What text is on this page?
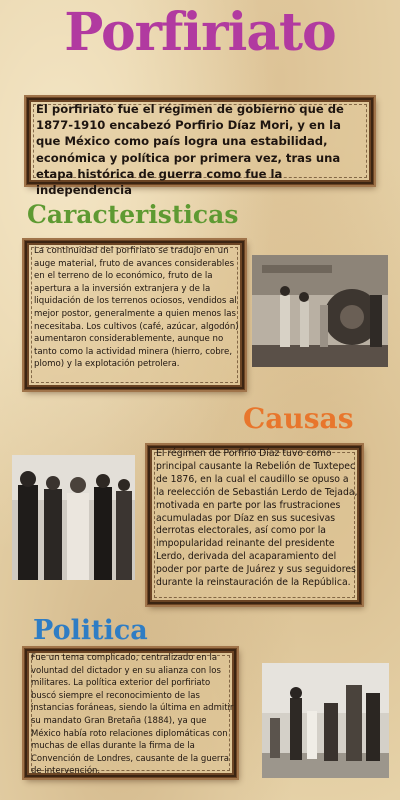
Porfiriato

El porfiriato fue el régimen de gobierno que de 1877-1910 encabezó Porfirio Díaz Mori, y en la que México como país logra una estabilidad, económica y política por primera vez, tras una etapa histórica de guerra como fue la independencia

Caracteristicas

La continuidad del porfiriato se tradujo en un auge material, fruto de avances considerables en el terreno de lo económico, fruto de la apertura a la inversión extranjera y de la liquidación de los terrenos ociosos, vendidos al mejor postor, generalmente a quien menos las necesitaba. Los cultivos (café, azúcar, algodón) aumentaron considerablemente, aunque no tanto como la actividad minera (hierro, cobre, plomo) y la explotación petrolera.

Causas

El régimen de Porfirio Díaz tuvo como principal causante la Rebelión de Tuxtepec de 1876, en la cual el caudillo se opuso a la reelección de Sebastián Lerdo de Tejada, motivada en parte por las frustraciones acumuladas por Díaz en sus sucesivas derrotas electorales, así como por la impopularidad reinante del presidente Lerdo, derivada del acaparamiento del poder por parte de Juárez y sus seguidores durante la reinstauración de la República.

Politica

Fue un tema complicado, centralizado en la voluntad del dictador y en su alianza con los militares. La política exterior del porfiriato buscó siempre el reconocimiento de las instancias foráneas, siendo la última en admitir su mandato Gran Bretaña (1884), ya que México había roto relaciones diplomáticas con muchas de ellas durante la firma de la Convención de Londres, causante de la guerra de intervención.
